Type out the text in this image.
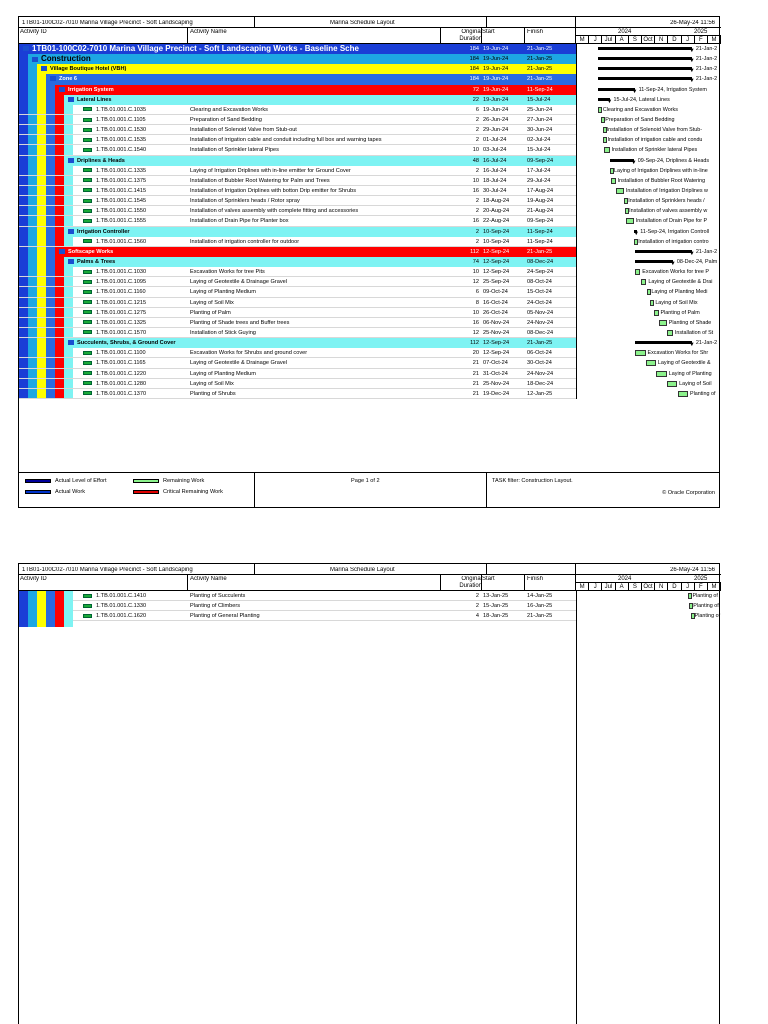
1TB01-100C02-7010 Marina Village Precinct - Soft Landscaping	Marina Schedule Layout	26-May-24 11:56
Activity ID	Activity Name	Original
Duration
Start	Finish	2024	2025
M	J	Jul	A	S	Oct	N	D	J	F	M
1TB01-100C02-7010 Marina Village Precinct - Soft Landscaping Works - Baseline Sche	184 19-Jun-24	21-Jan-25
Construction	184 19-Jun-24	21-Jan-25
Village Boutique Hotel (VBH)	184 19-Jun-24	21-Jan-25
Zone 6	184 19-Jun-24	21-Jan-25
Irrigation System	72 19-Jun-24	11-Sep-24
Lateral Lines	22 19-Jun-24	15-Jul-24
1.TB.01.001.C.1035	Clearing and Excavation Works	6 19-Jun-24	25-Jun-24
1.TB.01.001.C.1105	Preparation of Sand Bedding	2 26-Jun-24	27-Jun-24
1.TB.01.001.C.1530	Installation of Solenoid Valve from Stub-out	2 29-Jun-24	30-Jun-24
1.TB.01.001.C.1535	Installation of irrigation cable and conduit including full box and warning tapes	2 01-Jul-24	02-Jul-24
1.TB.01.001.C.1540	Installation of Sprinkler lateral Pipes	10 03-Jul-24	15-Jul-24
Driplines & Heads	48 16-Jul-24	09-Sep-24
1.TB.01.001.C.1335	Laying of Irrigation Driplines with in-line emitter for Ground Cover	2 16-Jul-24	17-Jul-24
1.TB.01.001.C.1375	Installation of Bubbler Root Watering for Palm and Trees	10 18-Jul-24	29-Jul-24
1.TB.01.001.C.1415	Installation of Irrigation Driplines with botton Drip emitter for Shrubs	16 30-Jul-24	17-Aug-24
1.TB.01.001.C.1545	Installation of Sprinklers heads / Rotor spray	2 18-Aug-24	19-Aug-24
1.TB.01.001.C.1550	Installation of valves assembly with complete fitting and accessories	2 20-Aug-24	21-Aug-24
1.TB.01.001.C.1555	Installation of Drain Pipe for Planter box	16 22-Aug-24	09-Sep-24
Irrigation Controller	2 10-Sep-24	11-Sep-24
1.TB.01.001.C.1560	Installation of irrigation controller for outdoor	2 10-Sep-24	11-Sep-24
Softscape Works	112 12-Sep-24	21-Jan-25
Palms & Trees	74 12-Sep-24	08-Dec-24
1.TB.01.001.C.1030	Excavation Works for tree Pits	10 12-Sep-24	24-Sep-24
1.TB.01.001.C.1095	Laying of Geotextile & Drainage Gravel	12 25-Sep-24	08-Oct-24
1.TB.01.001.C.1160	Laying of Planting Medium	6 09-Oct-24	15-Oct-24
1.TB.01.001.C.1215	Laying of Soil Mix	8 16-Oct-24	24-Oct-24
1.TB.01.001.C.1275	Planting of Palm	10 26-Oct-24	05-Nov-24
1.TB.01.001.C.1325	Planting of Shade trees and Buffer trees	16 06-Nov-24	24-Nov-24
1.TB.01.001.C.1570	Installation of Stick Guying	12 25-Nov-24	08-Dec-24
Succulents, Shrubs, & Ground Cover	112 12-Sep-24	21-Jan-25
1.TB.01.001.C.1100	Excavation Works for Shrubs and ground cover	20 12-Sep-24	06-Oct-24
1.TB.01.001.C.1165	Laying of Geotextile & Drainage Gravel	21 07-Oct-24	30-Oct-24
1.TB.01.001.C.1220	Laying of Planting Medium	21 31-Oct-24	24-Nov-24
1.TB.01.001.C.1280	Laying of Soil Mix	21 25-Nov-24	18-Dec-24
1.TB.01.001.C.1370	Planting of Shrubs	21 19-Dec-24	12-Jan-25
▼ 21-Jan-2
▼ 21-Jan-2
▼ 21-Jan-2
▼ 21-Jan-2
▼ 11-Sep-24, Irrigation System
▼ 15-Jul-24, Lateral Lines
Clearing and Excavation Works
Preparation of Sand Bedding
Installation of Solenoid Valve from Stub-
Installation of irrigation cable and condu
Installation of Sprinkler lateral Pipes
▼ 09-Sep-24, Driplines & Heads
Laying of Irrigation Driplines with in-line
Installation of Bubbler Root Watering
Installation of Irrigation Driplines w
Installation of Sprinklers heads /
Installation of valves assembly w
Installation of Drain Pipe for P
▼ 11-Sep-24, Irrigation Controll
Installation of irrigation contro
▼ 21-Jan-2
▼ 08-Dec-24, Palm
Excavation Works for tree P
Laying of Geotextile & Drai
Laying of Planting Medi
Laying of Soil Mix
Planting of Palm
Planting of Shade
Installation of St
▼ 21-Jan-2
Excavation Works for Shr
Laying of Geotextile &
Laying of Planting
Laying of Soil
Planting of
Actual Level of Effort
Actual Work
Remaining Work
Critical Remaining Work
Page 1 of 2	TASK filter: Construction Layout.
© Oracle Corporation
1TB01-100C02-7010 Marina Village Precinct - Soft Landscaping	Marina Schedule Layout	26-May-24 11:56
Activity ID	Activity Name	Original
Duration
Start	Finish	2024	2025
M	J	Jul	A	S	Oct	N	D	J	F	M
1.TB.01.001.C.1410	Planting of Succulents	2 13-Jan-25	14-Jan-25
1.TB.01.001.C.1330	Planting of Climbers	2 15-Jan-25	16-Jan-25
1.TB.01.001.C.1620	Planting of General Planting	4 18-Jan-25	21-Jan-25
Planting of
Planting of
Planting of
